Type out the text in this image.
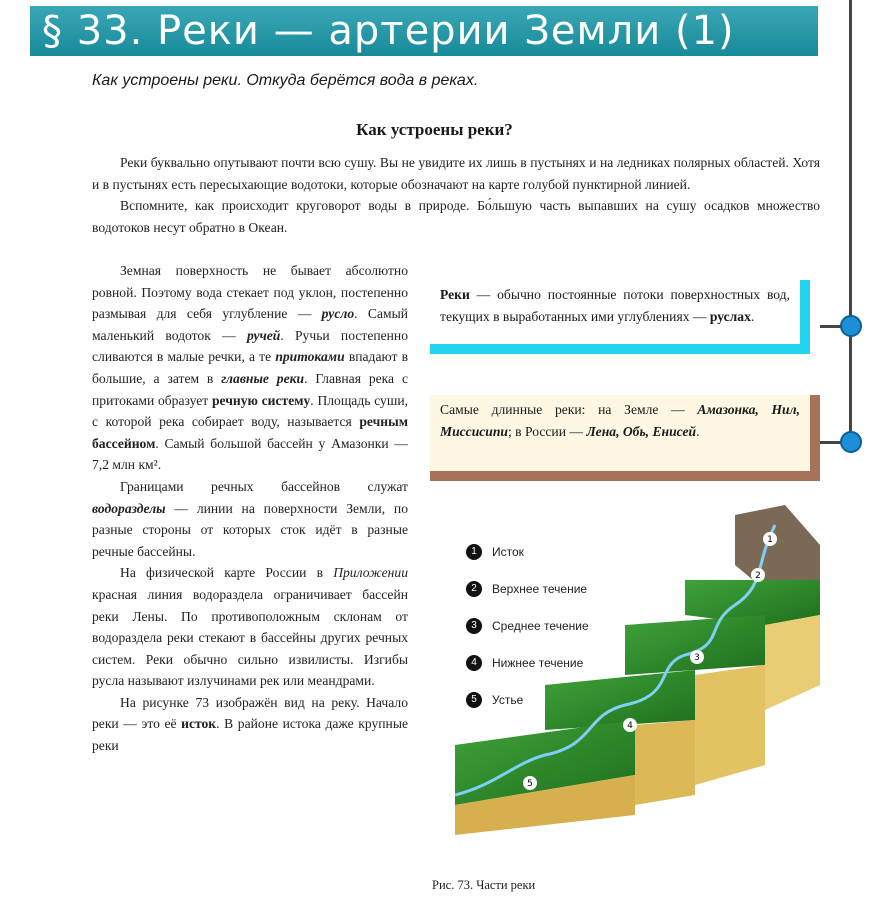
§ 33. Реки — артерии Земли (1)
Как устроены реки. Откуда берётся вода в реках.
Как устроены реки?

Реки буквально опутывают почти всю сушу. Вы не увидите их лишь в пустынях и на ледниках полярных областей. Хотя и в пустынях есть пересыхающие водотоки, которые обозначают на карте голубой пунктирной линией.

Вспомните, как происходит круговорот воды в природе. Бо́льшую часть выпавших на сушу осадков множество водотоков несут обратно в Океан.

Земная поверхность не бывает абсолютно ровной. Поэтому вода стекает под уклон, постепенно размывая для себя углубление — русло. Самый маленький водоток — ручей. Ручьи постепенно сливаются в малые речки, а те притоками впадают в большие, а затем в главные реки. Главная река с притоками образует речную систему. Площадь суши, с которой река собирает воду, называется речным бассейном. Самый большой бассейн у Амазонки — 7,2 млн км².

Границами речных бассейнов служат водоразделы — линии на поверхности Земли, по разные стороны от которых сток идёт в разные речные бассейны.

На физической карте России в Приложении красная линия водораздела ограничивает бассейн реки Лены. По противоположным склонам от водораздела реки стекают в бассейны других речных систем. Реки обычно сильно извилисты. Изгибы русла называют излучинами рек или меандрами.

На рисунке 73 изображён вид на реку. Начало реки — это её исток. В районе истока даже крупные реки

Реки — обычно постоянные потоки поверхностных вод, текущих в выработанных ими углублениях — руслах.
Самые длинные реки: на Земле — Амазонка, Нил, Миссисипи; в России — Лена, Обь, Енисей.
1
2
3
4
5
1	Исток
2	Верхнее течение
3	Среднее течение
4	Нижнее течение
5	Устье
Рис. 73. Части реки
